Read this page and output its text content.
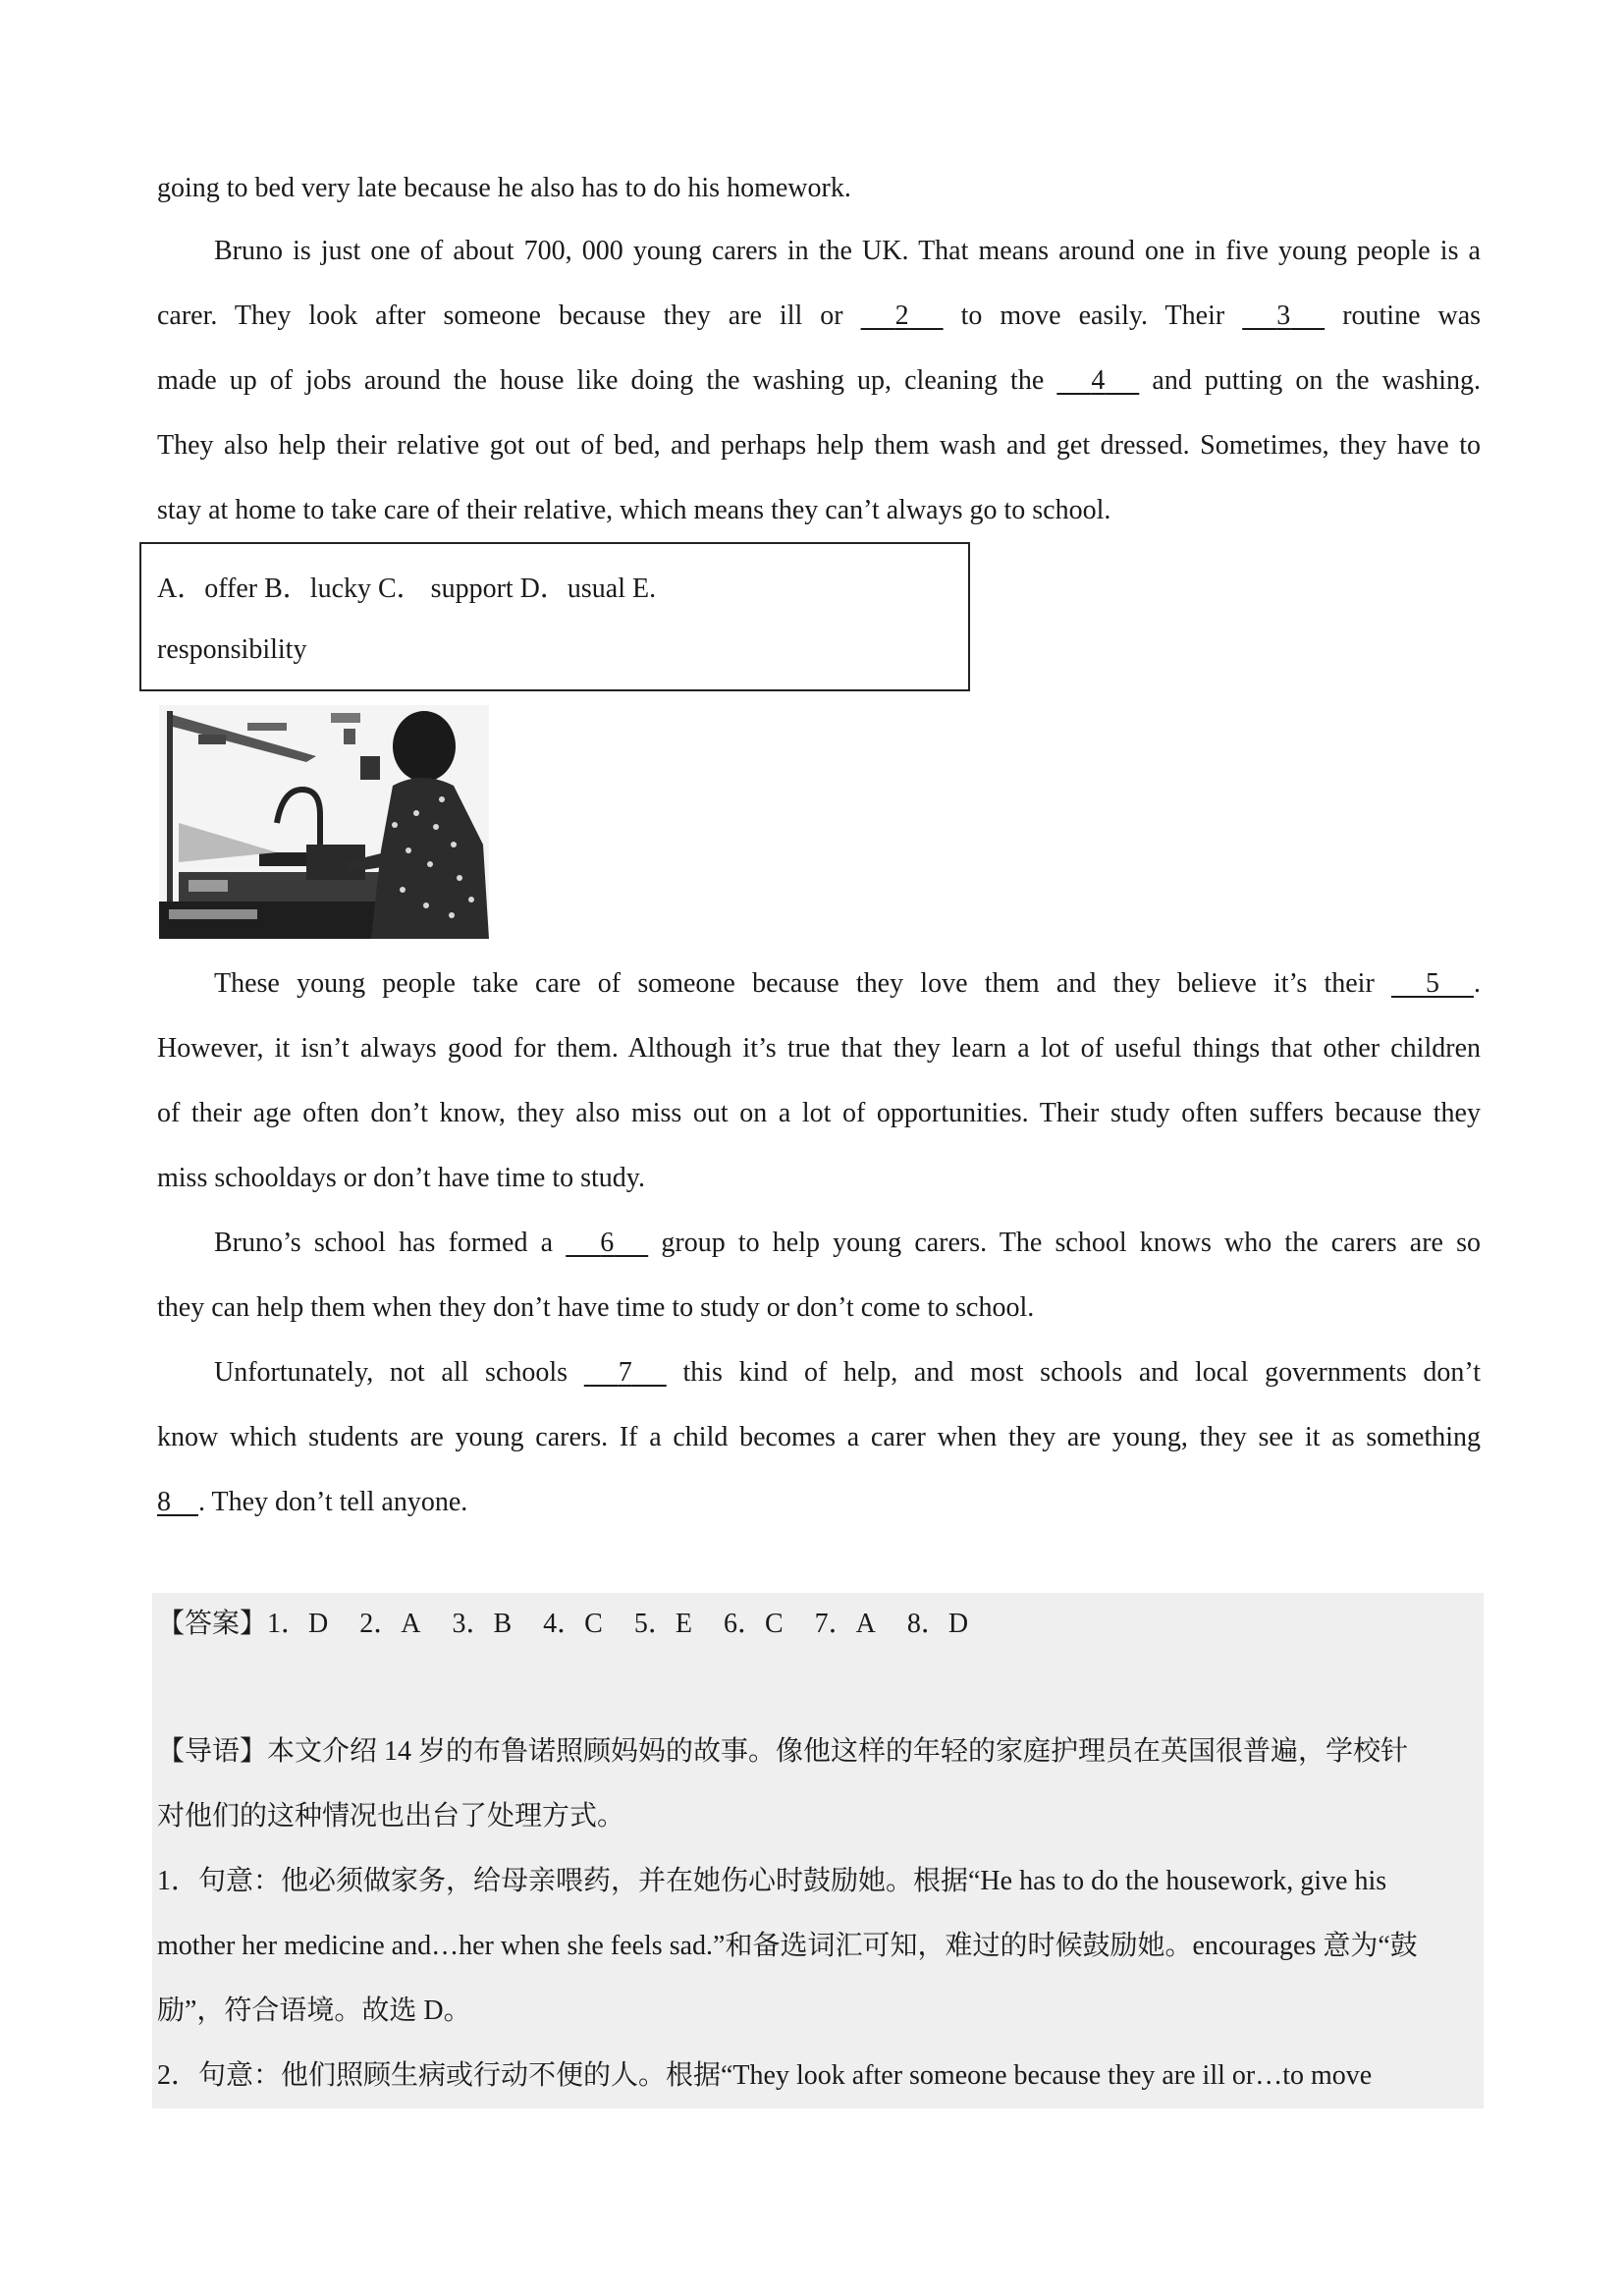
going to bed very late because he also has to do his homework.
Bruno is just one of about 700, 000 young carers in the UK. That means around one in five young people is a
carer. They look after someone because they are ill or 2 to move easily. Their 3 routine was
made up of jobs around the house like doing the washing up, cleaning the 4 and putting on the washing.
They also help their relative got out of bed, and perhaps help them wash and get dressed. Sometimes, they have to
stay at home to take care of their relative, which means they can’t always go to school.
These young people take care of someone because they love them and they believe it’s their 5 .
However, it isn’t always good for them. Although it’s true that they learn a lot of useful things that other children
of their age often don’t know, they also miss out on a lot of opportunities. Their study often suffers because they
miss schooldays or don’t have time to study.
Bruno’s school has formed a 6 group to help young carers. The school knows who the carers are so
they can help them when they don’t have time to study or don’t come to school.
Unfortunately, not all schools 7 this kind of help, and most schools and local governments don’t
know which students are young carers. If a child becomes a carer when they are young, they see it as something
8 . They don’t tell anyone.
A．offer B．lucky C． support D．usual E.
responsibility
【答案】1．D 2．A 3．B 4．C 5．E 6．C 7．A 8．D
【导语】本文介绍 14 岁的布鲁诺照顾妈妈的故事。像他这样的年轻的家庭护理员在英国很普遍，学校针
对他们的这种情况也出台了处理方式。
1．句意：他必须做家务，给母亲喂药，并在她伤心时鼓励她。根据“He has to do the housework, give his
mother her medicine and…her when she feels sad.”和备选词汇可知，难过的时候鼓励她。encourages 意为“鼓
励”，符合语境。故选 D。
2．句意：他们照顾生病或行动不便的人。根据“They look after someone because they are ill or…to move
